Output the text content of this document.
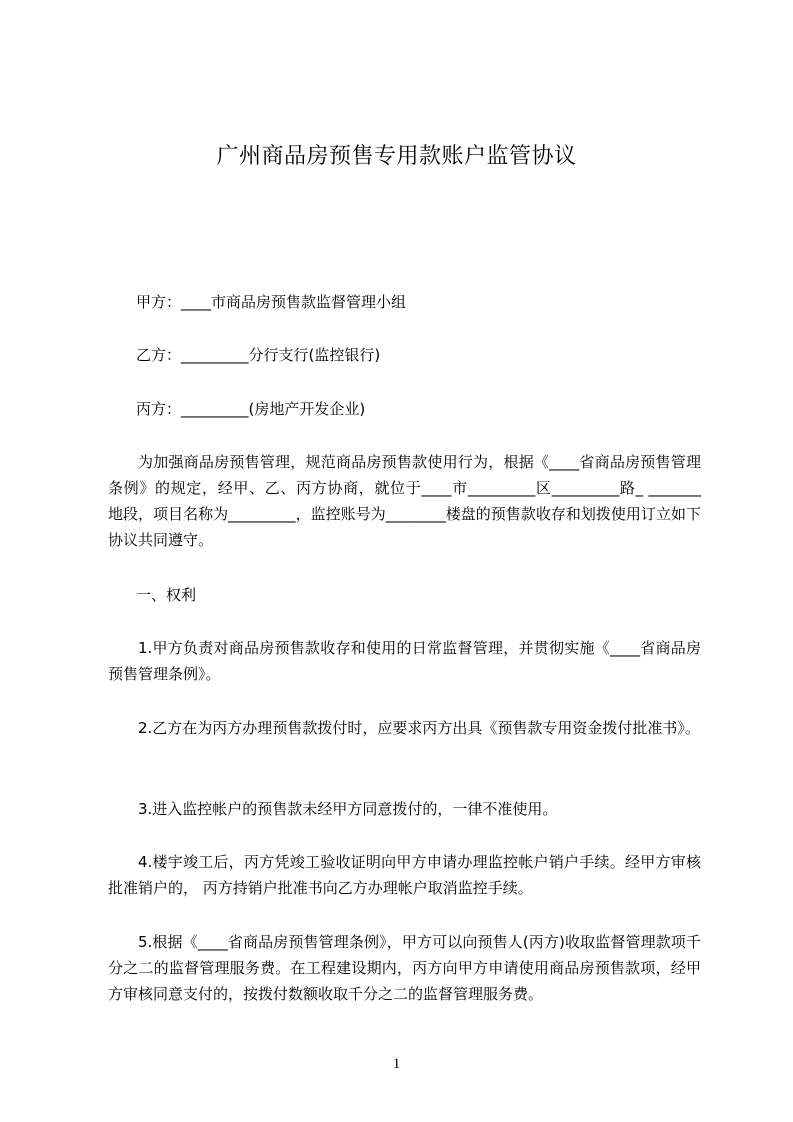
广州商品房预售专用款账户监管协议
甲方：____市商品房预售款监督管理小组
乙方：_________分行支行(监控银行)
丙方：_________(房地产开发企业)
为加强商品房预售管理，规范商品房预售款使用行为，根据《____省商品房预售管理条例》的规定，经甲、乙、丙方协商，就位于____市_________区_________路_ _______ 地段，项目名称为_________，监控账号为________楼盘的预售款收存和划拨使用订立如下协议共同遵守。
一、权利
1.甲方负责对商品房预售款收存和使用的日常监督管理，并贯彻实施《____省商品房预售管理条例》。
2.乙方在为丙方办理预售款拨付时，应要求丙方出具《预售款专用资金拨付批准书》。
3.进入监控帐户的预售款未经甲方同意拨付的，一律不准使用。
4.楼宇竣工后，丙方凭竣工验收证明向甲方申请办理监控帐户销户手续。经甲方审核批准销户的， 丙方持销户批准书向乙方办理帐户取消监控手续。
5.根据《____省商品房预售管理条例》，甲方可以向预售人(丙方)收取监督管理款项千分之二的监督管理服务费。在工程建设期内，丙方向甲方申请使用商品房预售款项，经甲方审核同意支付的，按拨付数额收取千分之二的监督管理服务费。
1
